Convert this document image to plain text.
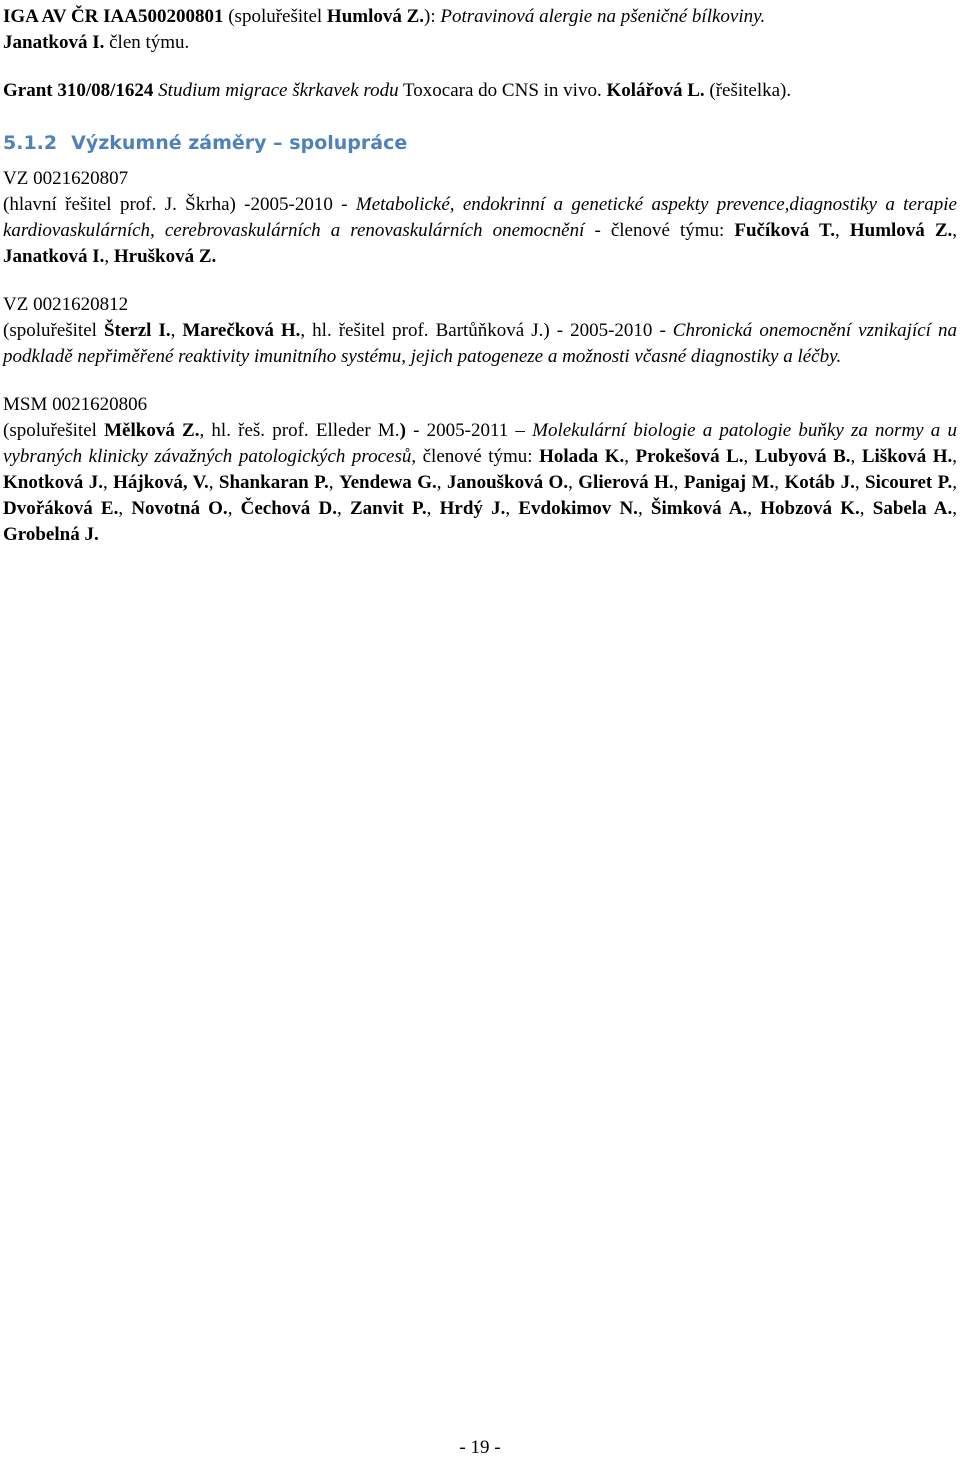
IGA AV ČR IAA500200801 (spoluřešitel Humlová Z.): Potravinová alergie na pšeničné bílkoviny.
Janatková I. člen týmu.

Grant 310/08/1624 Studium migrace škrkavek rodu Toxocara do CNS in vivo. Kolářová L. (řešitelka).

5.1.2 Výzkumné záměry – spolupráce

VZ 0021620807
(hlavní řešitel prof. J. Škrha) -2005-2010 - Metabolické, endokrinní a genetické aspekty prevence,diagnostiky a terapie kardiovaskulárních, cerebrovaskulárních a renovaskulárních onemocnění - členové týmu: Fučíková T., Humlová Z., Janatková I., Hrušková Z.

VZ 0021620812
(spoluřešitel Šterzl I., Marečková H., hl. řešitel prof. Bartůňková J.) - 2005-2010 - Chronická onemocnění vznikající na podkladě nepřiměřené reaktivity imunitního systému, jejich patogeneze a možnosti včasné diagnostiky a léčby.

MSM 0021620806
(spoluřešitel Mělková Z., hl. řeš. prof. Elleder M.) - 2005-2011 – Molekulární biologie a patologie buňky za normy a u vybraných klinicky závažných patologických procesů, členové týmu: Holada K., Prokešová L., Lubyová B., Lišková H., Knotková J., Hájková, V., Shankaran P., Yendewa G., Janoušková O., Glierová H., Panigaj M., Kotáb J., Sicouret P., Dvořáková E., Novotná O., Čechová D., Zanvit P., Hrdý J., Evdokimov N., Šimková A., Hobzová K., Sabela A., Grobelná J.

- 19 -
